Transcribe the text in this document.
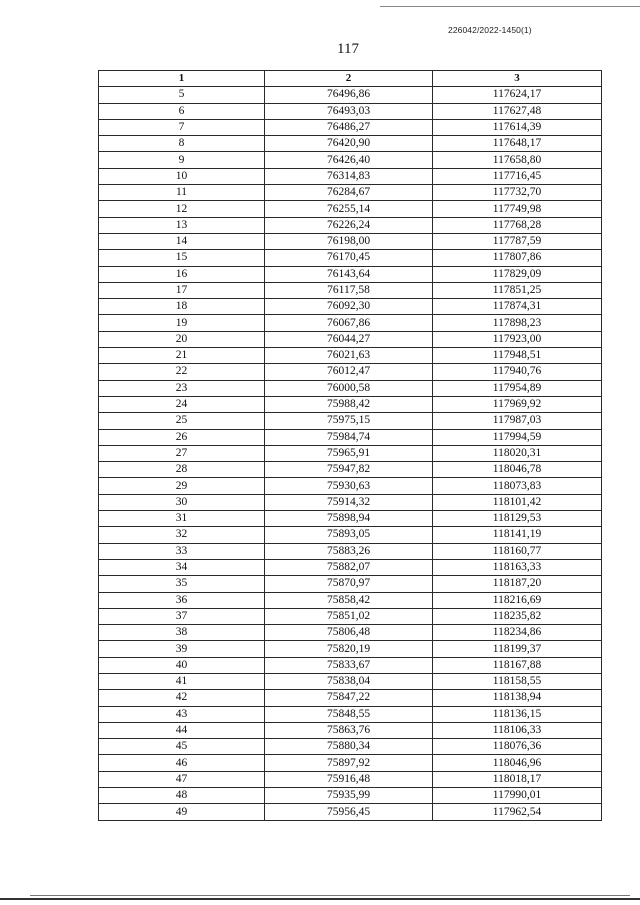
226042/2022-1450(1)
117
1	2	3
5	76496,86	117624,17
6	76493,03	117627,48
7	76486,27	117614,39
8	76420,90	117648,17
9	76426,40	117658,80
10	76314,83	117716,45
11	76284,67	117732,70
12	76255,14	117749,98
13	76226,24	117768,28
14	76198,00	117787,59
15	76170,45	117807,86
16	76143,64	117829,09
17	76117,58	117851,25
18	76092,30	117874,31
19	76067,86	117898,23
20	76044,27	117923,00
21	76021,63	117948,51
22	76012,47	117940,76
23	76000,58	117954,89
24	75988,42	117969,92
25	75975,15	117987,03
26	75984,74	117994,59
27	75965,91	118020,31
28	75947,82	118046,78
29	75930,63	118073,83
30	75914,32	118101,42
31	75898,94	118129,53
32	75893,05	118141,19
33	75883,26	118160,77
34	75882,07	118163,33
35	75870,97	118187,20
36	75858,42	118216,69
37	75851,02	118235,82
38	75806,48	118234,86
39	75820,19	118199,37
40	75833,67	118167,88
41	75838,04	118158,55
42	75847,22	118138,94
43	75848,55	118136,15
44	75863,76	118106,33
45	75880,34	118076,36
46	75897,92	118046,96
47	75916,48	118018,17
48	75935,99	117990,01
49	75956,45	117962,54
